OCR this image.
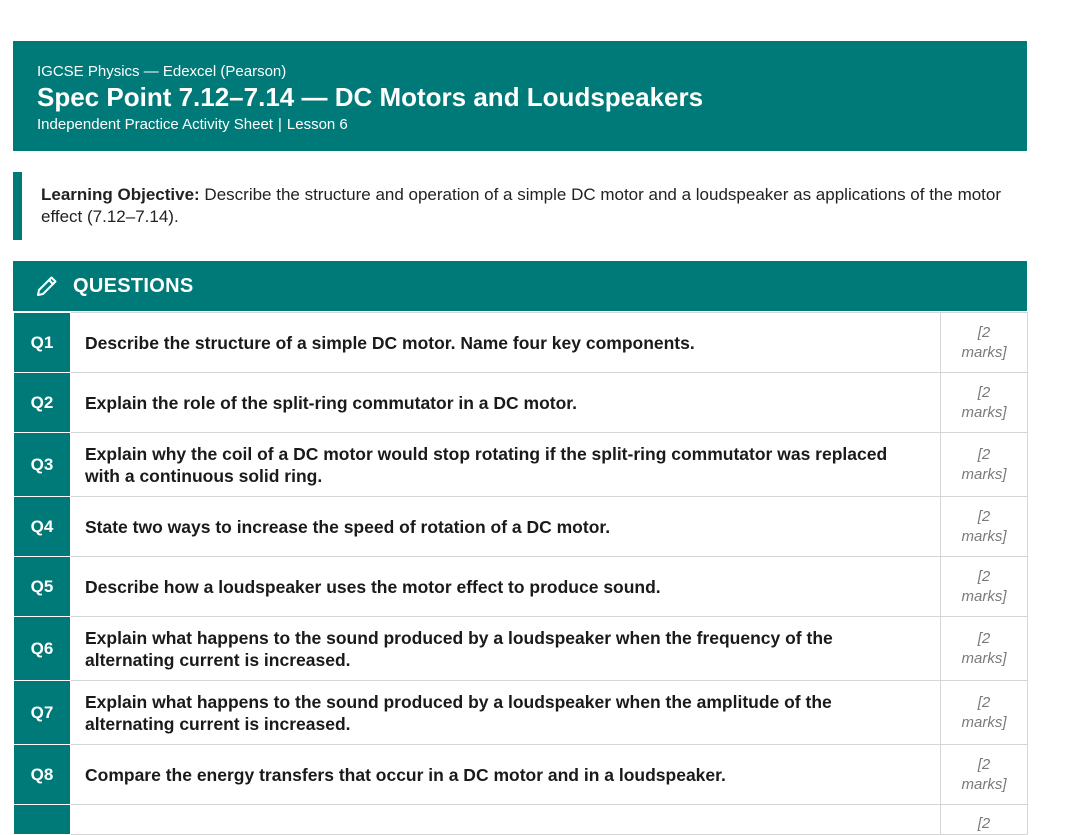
IGCSE Physics — Edexcel (Pearson)
Spec Point 7.12–7.14 — DC Motors and Loudspeakers
Independent Practice Activity Sheet | Lesson 6
Learning Objective: Describe the structure and operation of a simple DC motor and a loudspeaker as applications of the motor effect (7.12–7.14).
QUESTIONS
Q1	Describe the structure of a simple DC motor. Name four key components.	[2
marks]

Q2	Explain the role of the split-ring commutator in a DC motor.	[2
marks]

Q3	Explain why the coil of a DC motor would stop rotating if the split-ring commutator was replaced with a continuous solid ring.	[2
marks]

Q4	State two ways to increase the speed of rotation of a DC motor.	[2
marks]

Q5	Describe how a loudspeaker uses the motor effect to produce sound.	[2
marks]

Q6	Explain what happens to the sound produced by a loudspeaker when the frequency of the alternating current is increased.	[2
marks]

Q7	Explain what happens to the sound produced by a loudspeaker when the amplitude of the alternating current is increased.	[2
marks]

Q8	Compare the energy transfers that occur in a DC motor and in a loudspeaker.	[2
marks]

		[2
